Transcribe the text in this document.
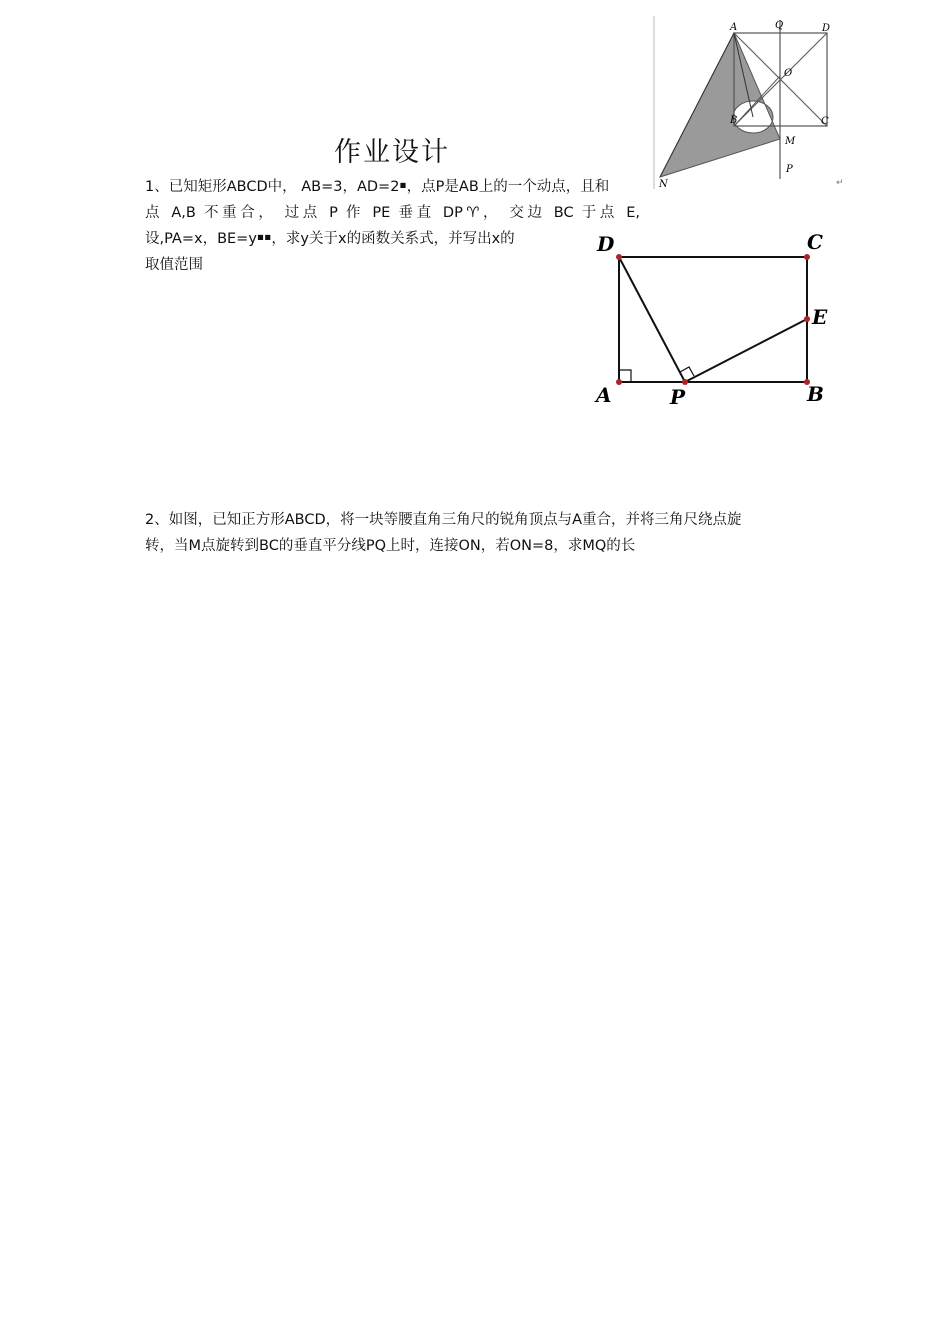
作业设计
1、已知矩形ABCD中， AB=3，AD=2￭，点P是AB上的一个动点，且和
点 A,B 不重合， 过点 P 作 PE 垂直 DP♈， 交边 BC 于点 E,
设,PA=x，BE=y￭￭，求y关于x的函数关系式，并写出x的
取值范围
2、如图，已知正方形ABCD，将一块等腰直角三角尺的锐角顶点与A重合，并将三角尺绕点旋
转，当M点旋转到BC的垂直平分线PQ上时，连接ON，若ON=8，求MQ的长
A	Q	D
O
B	C
M
P
N	↵
D	C
E
A	P	B
